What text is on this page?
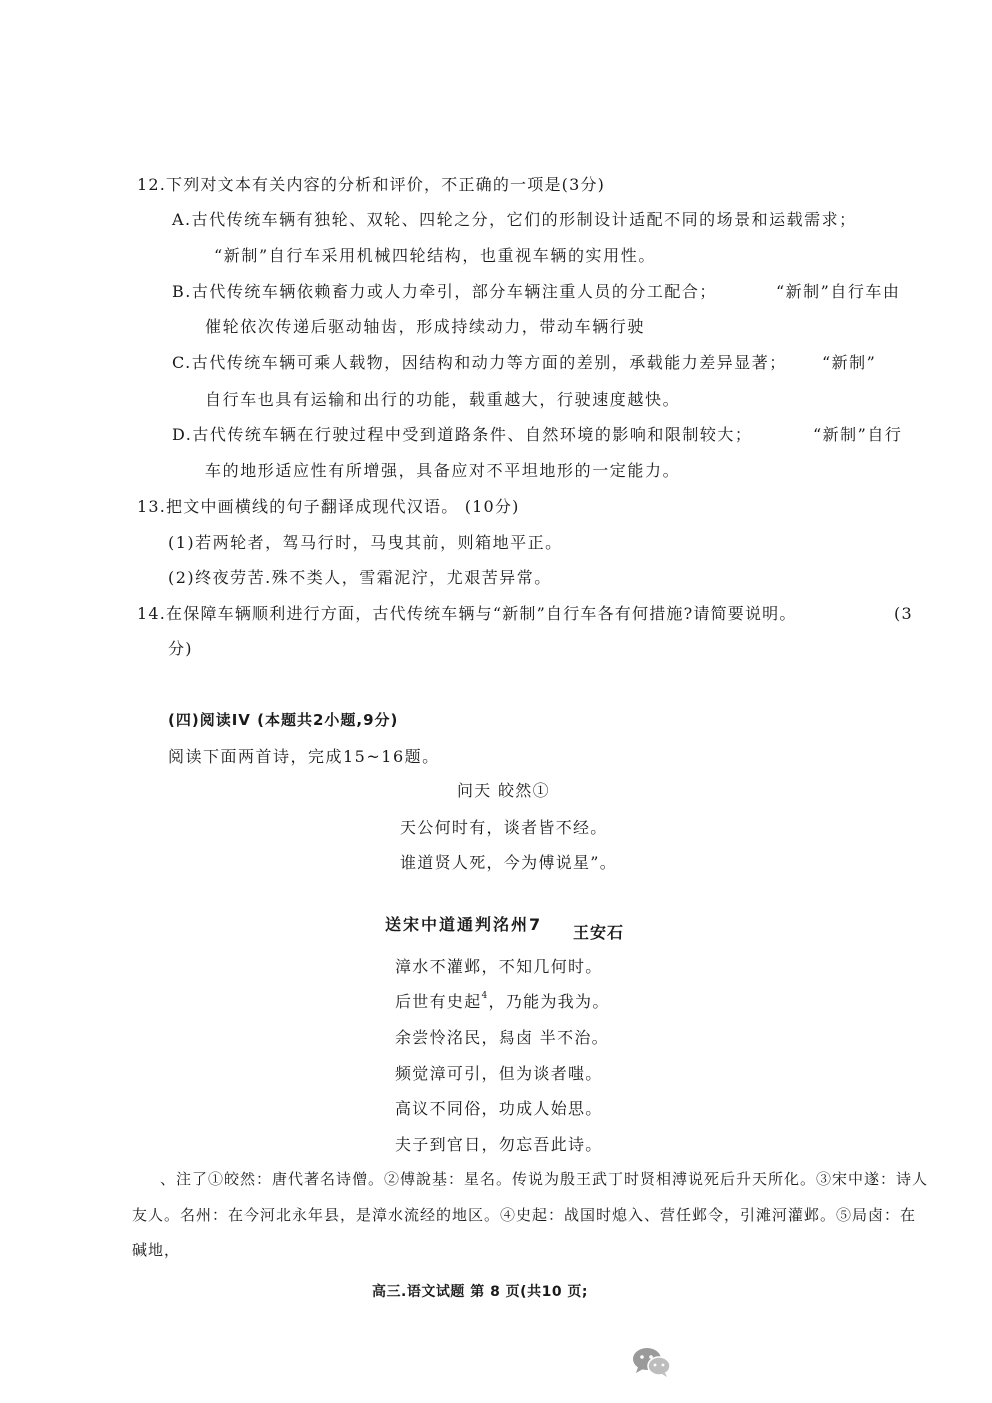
12.下列对文本有关内容的分析和评价，不正确的一项是(3分)
A.古代传统车辆有独轮、双轮、四轮之分，它们的形制设计适配不同的场景和运载需求；
“新制”自行车采用机械四轮结构，也重视车辆的实用性。
B.古代传统车辆依赖畜力或人力牵引，部分车辆注重人员的分工配合；	“新制”自行车由
催轮依次传递后驱动轴齿，形成持续动力，带动车辆行驶
C.古代传统车辆可乘人载物，因结构和动力等方面的差别，承载能力差异显著； “新制”
自行车也具有运输和出行的功能，载重越大，行驶速度越快。
D.古代传统车辆在行驶过程中受到道路条件、自然环境的影响和限制较大；	“新制”自行
车的地形适应性有所增强，具备应对不平坦地形的一定能力。
13.把文中画横线的句子翻译成现代汉语。 (10分)
(1)若两轮者，驾马行时，马曳其前，则箱地平正。
(2)终夜劳苦.殊不类人，雪霜泥泞，尤艰苦异常。
14.在保障车辆顺利进行方面，古代传统车辆与“新制”自行车各有何措施?请简要说明。	(3
分)
(四)阅读IV (本题共2小题,9分)
阅读下面两首诗，完成15~16题。
问天 皎然①
天公何时有，谈者皆不经。
谁道贤人死，今为傅说星”。
送宋中道通判洺州7 王安石
漳水不灌邺，不知几何时。
后世有史起$^4$，乃能为我为。
余尝怜洺民，舄卤 半不治。
频觉漳可引，但为谈者嗤。
高议不同俗，功成人始思。
夫子到官日，勿忘吾此诗。
、注了①皎然：唐代著名诗僧。②傅說基：星名。传说为殷王武丁时贤相溥说死后升天所化。③宋中遂：诗人
友人。名州：在今河北永年县，是漳水流经的地区。④史起：战国时熄入、营任邺令，引滩河灌邺。⑤局卤：在
碱地，
高三.语文试题 第 8 页(共10 页;
